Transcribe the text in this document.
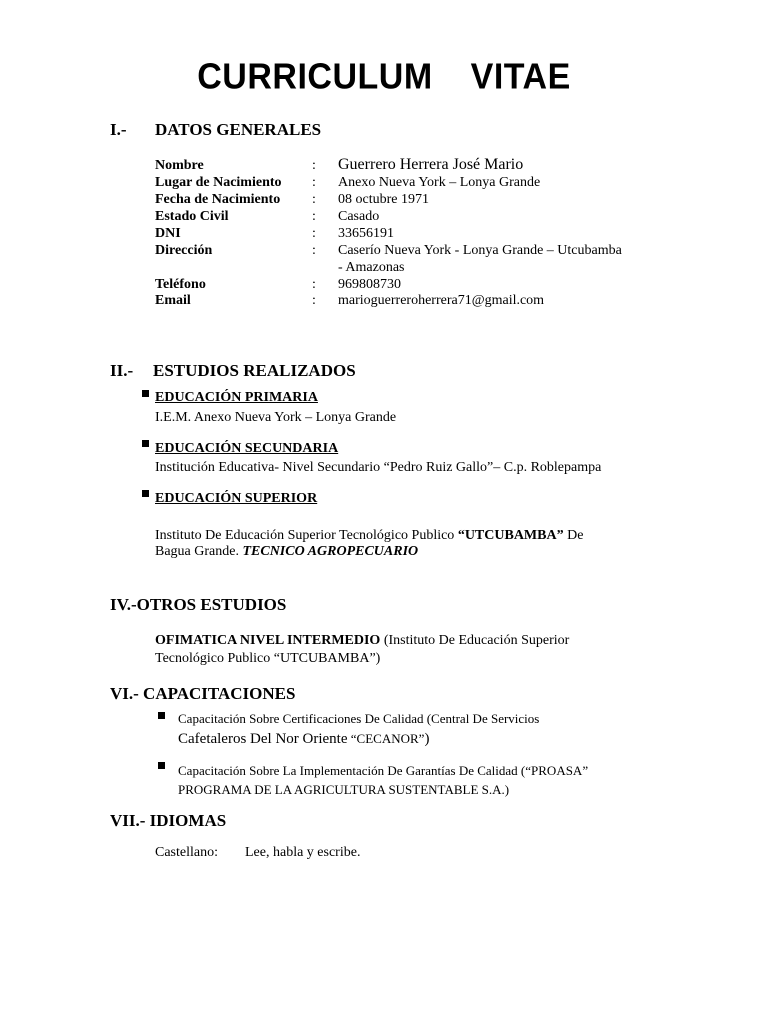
CURRICULUM VITAE
I.- DATOS GENERALES
Nombre	: Guerrero Herrera José Mario
Lugar de Nacimiento : Anexo Nueva York – Lonya Grande
Fecha de Nacimiento : 08 octubre 1971
Estado Civil	: Casado
DNI	: 33656191
Dirección	: Caserío Nueva York - Lonya Grande – Utcubamba
- Amazonas
Teléfono	: 969808730
Email	: marioguerreroherrera71@gmail.com
II.- ESTUDIOS REALIZADOS
EDUCACIÓN PRIMARIA
I.E.M. Anexo Nueva York – Lonya Grande
EDUCACIÓN SECUNDARIA
Institución Educativa- Nivel Secundario “Pedro Ruiz Gallo”– C.p. Roblepampa
EDUCACIÓN SUPERIOR
Instituto De Educación Superior Tecnológico Publico “UTCUBAMBA” De
Bagua Grande. TECNICO AGROPECUARIO
IV.-OTROS ESTUDIOS
OFIMATICA NIVEL INTERMEDIO (Instituto De Educación Superior
Tecnológico Publico “UTCUBAMBA”)
VI.- CAPACITACIONES
Capacitación Sobre Certificaciones De Calidad (Central De Servicios
Cafetaleros Del Nor Oriente “CECANOR”)
Capacitación Sobre La Implementación De Garantías De Calidad (“PROASA”
PROGRAMA DE LA AGRICULTURA SUSTENTABLE S.A.)
VII.- IDIOMAS
Castellano: Lee, habla y escribe.
